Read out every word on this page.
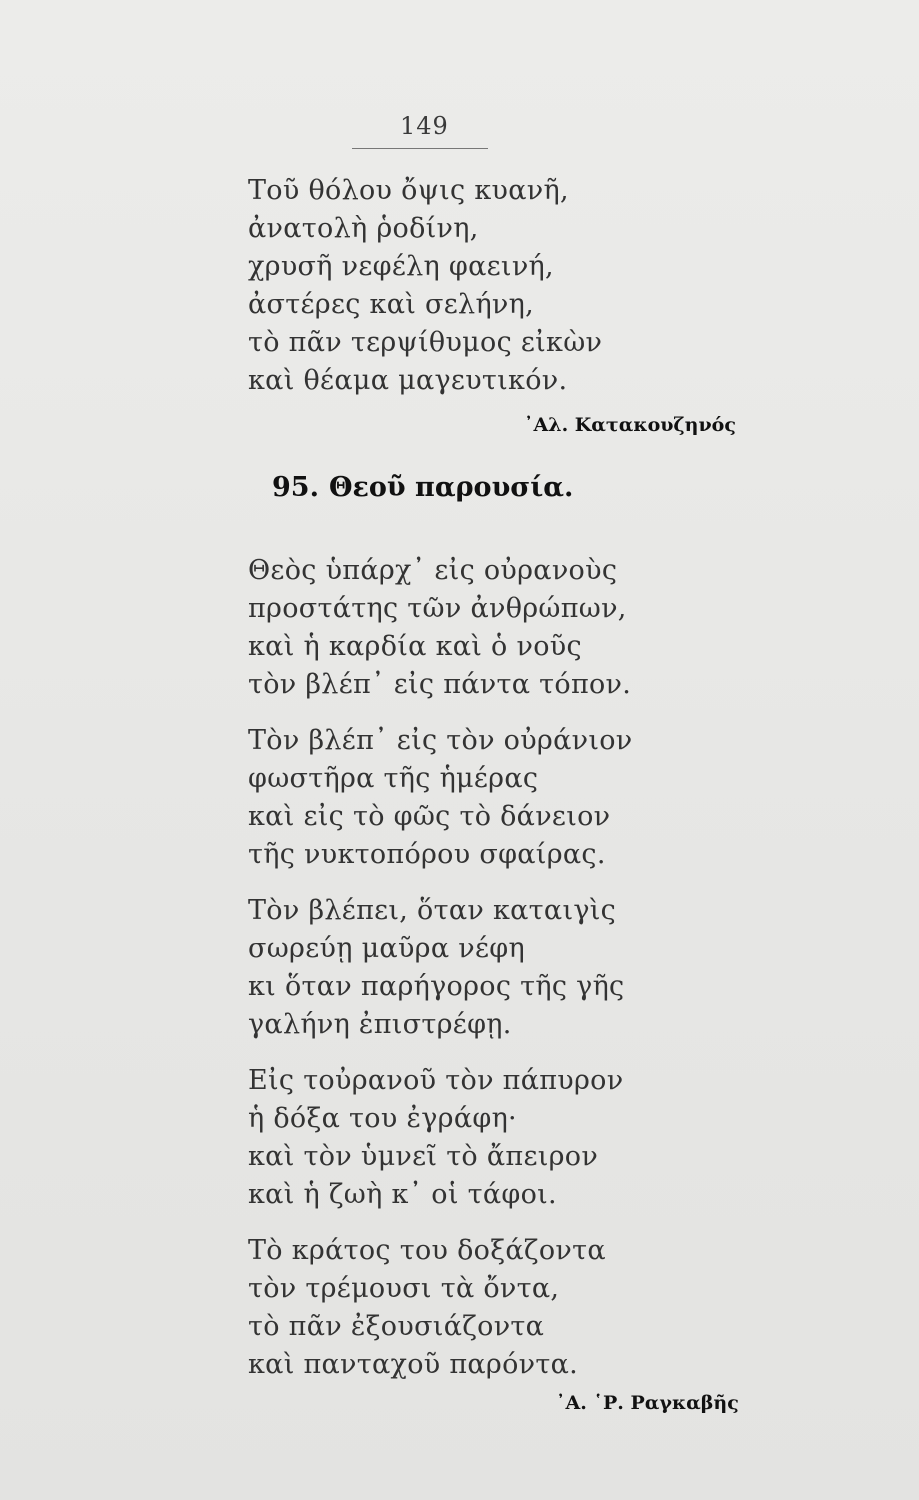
149
Τοῦ θόλου ὄψις κυανῆ,
ἀνατολὴ ῥοδίνη,
χρυσῆ νεφέλη φαεινή,
ἀστέρες καὶ σελήνη,
τὸ πᾶν τερψίθυμος εἰκὼν
καὶ θέαμα μαγευτικόν.
᾿Αλ. Κατακουζηνός
95. Θεοῦ παρουσία.
Θεὸς ὑπάρχ᾿ εἰς οὐρανοὺς
προστάτης τῶν ἀνθρώπων,
καὶ ἡ καρδία καὶ ὁ νοῦς
τὸν βλέπ᾿ εἰς πάντα τόπον.
Τὸν βλέπ᾿ εἰς τὸν οὐράνιον
φωστῆρα τῆς ἡμέρας
καὶ εἰς τὸ φῶς τὸ δάνειον
τῆς νυκτοπόρου σφαίρας.
Τὸν βλέπει, ὅταν καταιγὶς
σωρεύῃ μαῦρα νέφη
κι ὅταν παρήγορος τῆς γῆς
γαλήνη ἐπιστρέφῃ.
Εἰς τοὐρανοῦ τὸν πάπυρον
ἡ δόξα του ἐγράφη·
καὶ τὸν ὑμνεῖ τὸ ἄπειρον
καὶ ἡ ζωὴ κ᾿ οἱ τάφοι.
Τὸ κράτος του δοξάζοντα
τὸν τρέμουσι τὰ ὄντα,
τὸ πᾶν ἐξουσιάζοντα
καὶ πανταχοῦ παρόντα.
᾿Α. ῾Ρ. Ραγκαβῆς
